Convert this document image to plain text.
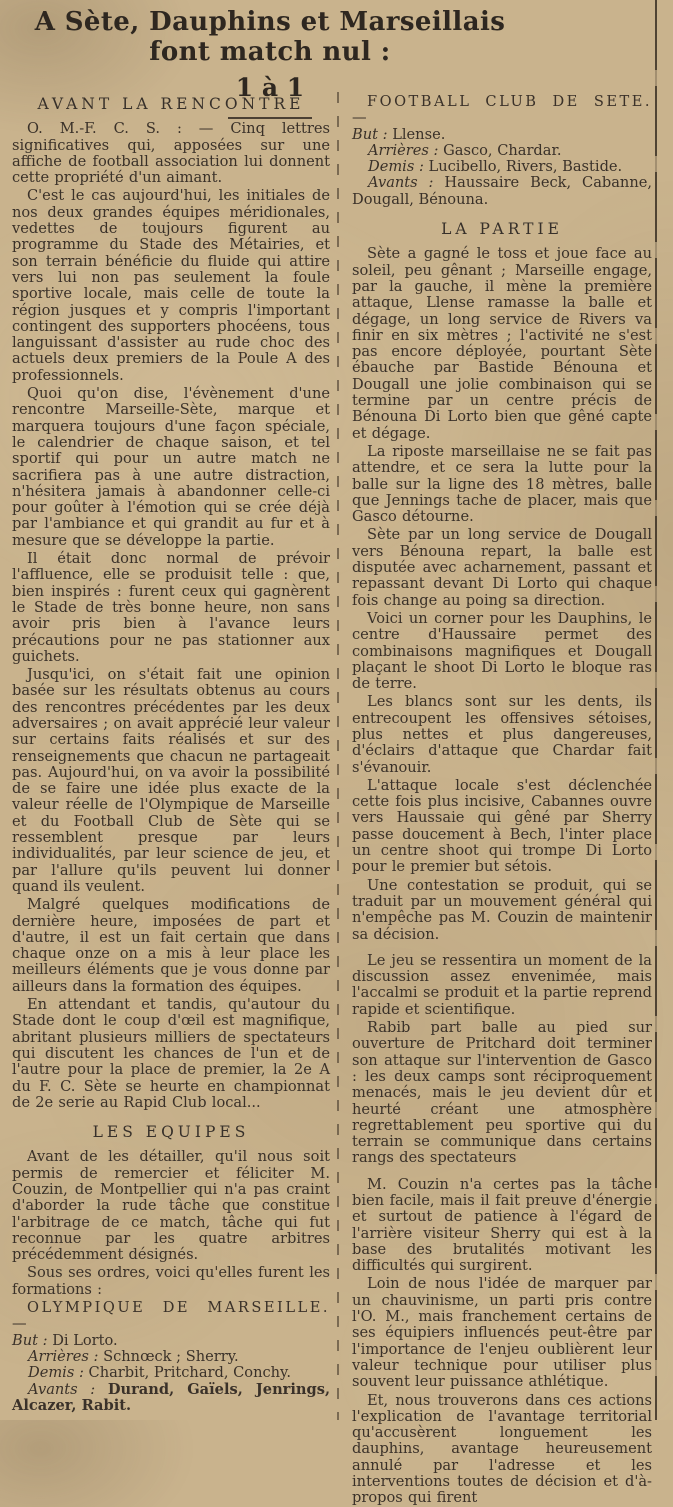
A Sète, Dauphins et Marseillais font match nul :
1 à 1
AVANT LA RENCONTRE

O. M.-F. C. S. : — Cinq lettres significatives qui, apposées sur une affiche de football association lui donnent cette propriété d'un aimant.

C'est le cas aujourd'hui, les initiales de nos deux grandes équipes méridionales, vedettes de toujours figurent au programme du Stade des Métairies, et son terrain bénéficie du fluide qui attire vers lui non pas seulement la foule sportive locale, mais celle de toute la région jusques et y compris l'important contingent des supporters phocéens, tous languissant d'assister au rude choc des actuels deux premiers de la Poule A des professionnels.

Quoi qu'on dise, l'évènement d'une rencontre Marseille-Sète, marque et marquera toujours d'une façon spéciale, le calendrier de chaque saison, et tel sportif qui pour un autre match ne sacrifiera pas à une autre distraction, n'hésitera jamais à abandonner celle-ci pour goûter à l'émotion qui se crée déjà par l'ambiance et qui grandit au fur et à mesure que se développe la partie.

Il était donc normal de prévoir l'affluence, elle se produisit telle : que, bien inspirés : furent ceux qui gagnèrent le Stade de très bonne heure, non sans avoir pris bien à l'avance leurs précautions pour ne pas stationner aux guichets.

Jusqu'ici, on s'était fait une opinion basée sur les résultats obtenus au cours des rencontres précédentes par les deux adversaires ; on avait apprécié leur valeur sur certains faits réalisés et sur des renseignements que chacun ne partageait pas. Aujourd'hui, on va avoir la possibilité de se faire une idée plus exacte de la valeur réelle de l'Olympique de Marseille et du Football Club de Sète qui se ressemblent presque par leurs individualités, par leur science de jeu, et par l'allure qu'ils peuvent lui donner quand ils veulent.

Malgré quelques modifications de dernière heure, imposées de part et d'autre, il est un fait certain que dans chaque onze on a mis à leur place les meilleurs éléments que je vous donne par ailleurs dans la formation des équipes.

En attendant et tandis, qu'autour du Stade dont le coup d'œil est magnifique, abritant plusieurs milliers de spectateurs qui discutent les chances de l'un et de l'autre pour la place de premier, la 2e A du F. C. Sète se heurte en championnat de 2e serie au Rapid Club local...

LES EQUIPES

Avant de les détailler, qu'il nous soit permis de remercier et féliciter M. Couzin, de Montpellier qui n'a pas craint d'aborder la rude tâche que constitue l'arbitrage de ce match, tâche qui fut reconnue par les quatre arbitres précédemment désignés.

Sous ses ordres, voici qu'elles furent les formations :

OLYMPIQUE DE MARSEILLE. —
But : Di Lorto.
Arrières : Schnœck ; Sherry.
Demis : Charbit, Pritchard, Conchy.
Avants : Durand, Gaïels, Jenrings, Alcazer, Rabit.
FOOTBALL CLUB DE SETE. —
But : Llense.
Arrières : Gasco, Chardar.
Demis : Lucibello, Rivers, Bastide.
Avants : Haussaire Beck, Cabanne, Dougall, Bénouna.
LA PARTIE

Sète a gagné le toss et joue face au soleil, peu gênant ; Marseille engage, par la gauche, il mène la première attaque, Llense ramasse la balle et dégage, un long service de Rivers va finir en six mètres ; l'activité ne s'est pas encore déployée, pourtant Sète ébauche par Bastide Bénouna et Dougall une jolie combinaison qui se termine par un centre précis de Bénouna Di Lorto bien que gêné capte et dégage.

La riposte marseillaise ne se fait pas attendre, et ce sera la lutte pour la balle sur la ligne des 18 mètres, balle que Jennings tache de placer, mais que Gasco détourne.

Sète par un long service de Dougall vers Bénouna repart, la balle est disputée avec acharnement, passant et repassant devant Di Lorto qui chaque fois change au poing sa direction.

Voici un corner pour les Dauphins, le centre d'Haussaire permet des combinaisons magnifiques et Dougall plaçant le shoot Di Lorto le bloque ras de terre.

Les blancs sont sur les dents, ils entrecoupent les offensives sétoises, plus nettes et plus dangereuses, d'éclairs d'attaque que Chardar fait s'évanouir.

L'attaque locale s'est déclenchée cette fois plus incisive, Cabannes ouvre vers Haussaie qui gêné par Sherry passe doucement à Bech, l'inter place un centre shoot qui trompe Di Lorto pour le premier but sétois.

Une contestation se produit, qui se traduit par un mouvement général qui n'empêche pas M. Couzin de maintenir sa décision.

Le jeu se ressentira un moment de la discussion assez envenimée, mais l'accalmi se produit et la partie reprend rapide et scientifique.

Rabib part balle au pied sur ouverture de Pritchard doit terminer son attaque sur l'intervention de Gasco : les deux camps sont réciproquement menacés, mais le jeu devient dûr et heurté créant une atmosphère regrettablement peu sportive qui du terrain se communique dans certains rangs des spectateurs

M. Couzin n'a certes pas la tâche bien facile, mais il fait preuve d'énergie et surtout de patience à l'égard de l'arrière visiteur Sherry qui est à la base des brutalités motivant les difficultés qui surgirent.

Loin de nous l'idée de marquer par un chauvinisme, un parti pris contre l'O. M., mais franchement certains de ses équipiers influencés peut-être par l'importance de l'enjeu oublièrent leur valeur technique pour utiliser plus souvent leur puissance athlétique.

Et, nous trouverons dans ces actions l'explication de l'avantage territorial qu'accusèrent longuement les dauphins, avantage heureusement annulé par l'adresse et les interventions toutes de décision et d'à-propos qui firent
